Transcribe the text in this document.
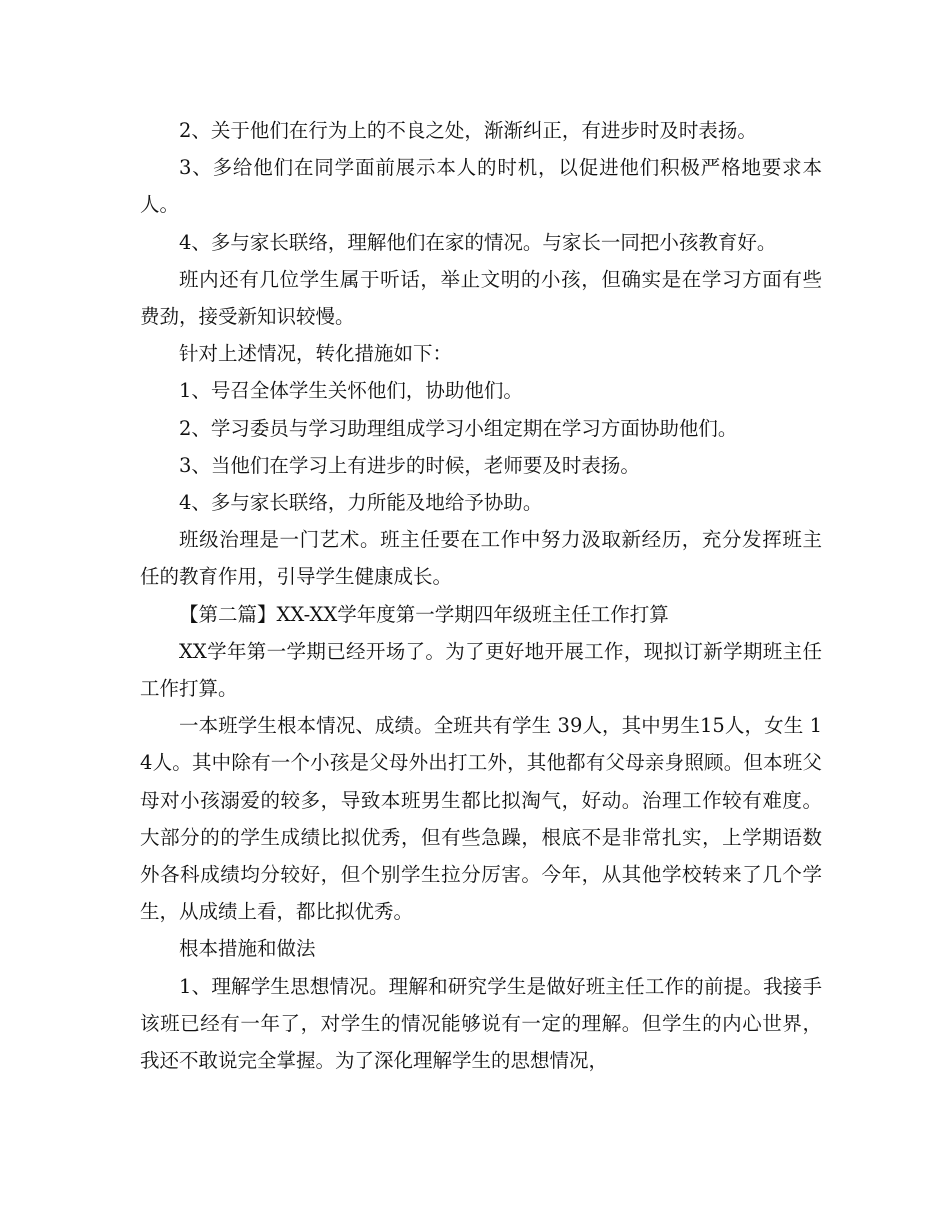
2、关于他们在行为上的不良之处，渐渐纠正，有进步时及时表扬。

3、多给他们在同学面前展示本人的时机，以促进他们积极严格地要求本人。

4、多与家长联络，理解他们在家的情况。与家长一同把小孩教育好。

班内还有几位学生属于听话，举止文明的小孩，但确实是在学习方面有些费劲，接受新知识较慢。

针对上述情况，转化措施如下：

1、号召全体学生关怀他们，协助他们。

2、学习委员与学习助理组成学习小组定期在学习方面协助他们。

3、当他们在学习上有进步的时候，老师要及时表扬。

4、多与家长联络，力所能及地给予协助。

班级治理是一门艺术。班主任要在工作中努力汲取新经历，充分发挥班主任的教育作用，引导学生健康成长。

【第二篇】XX-XX学年度第一学期四年级班主任工作打算

XX学年第一学期已经开场了。为了更好地开展工作，现拟订新学期班主任工作打算。

一本班学生根本情况、成绩。全班共有学生 39人，其中男生15人，女生 14人。其中除有一个小孩是父母外出打工外，其他都有父母亲身照顾。但本班父母对小孩溺爱的较多，导致本班男生都比拟淘气，好动。治理工作较有难度。大部分的的学生成绩比拟优秀，但有些急躁，根底不是非常扎实，上学期语数外各科成绩均分较好，但个别学生拉分厉害。今年，从其他学校转来了几个学生，从成绩上看，都比拟优秀。

根本措施和做法

1、理解学生思想情况。理解和研究学生是做好班主任工作的前提。我接手该班已经有一年了，对学生的情况能够说有一定的理解。但学生的内心世界，我还不敢说完全掌握。为了深化理解学生的思想情况，
